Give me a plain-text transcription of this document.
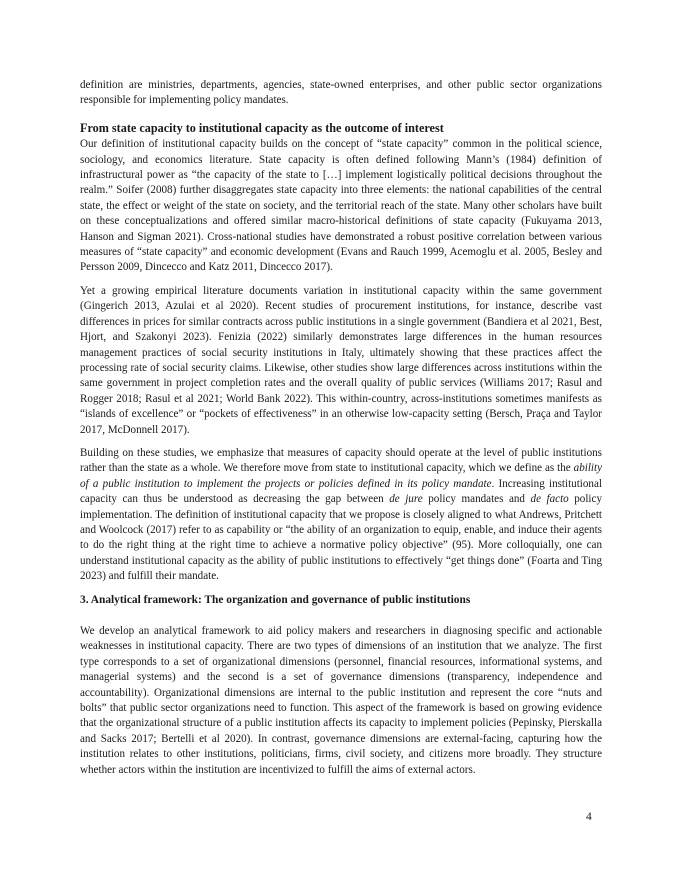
definition are ministries, departments, agencies, state-owned enterprises, and other public sector organizations responsible for implementing policy mandates.

From state capacity to institutional capacity as the outcome of interest

Our definition of institutional capacity builds on the concept of “state capacity” common in the political science, sociology, and economics literature. State capacity is often defined following Mann’s (1984) definition of infrastructural power as “the capacity of the state to […] implement logistically political decisions throughout the realm.” Soifer (2008) further disaggregates state capacity into three elements: the national capabilities of the central state, the effect or weight of the state on society, and the territorial reach of the state. Many other scholars have built on these conceptualizations and offered similar macro-historical definitions of state capacity (Fukuyama 2013, Hanson and Sigman 2021). Cross-national studies have demonstrated a robust positive correlation between various measures of “state capacity” and economic development (Evans and Rauch 1999, Acemoglu et al. 2005, Besley and Persson 2009, Dincecco and Katz 2011, Dincecco 2017).

Yet a growing empirical literature documents variation in institutional capacity within the same government (Gingerich 2013, Azulai et al 2020). Recent studies of procurement institutions, for instance, describe vast differences in prices for similar contracts across public institutions in a single government (Bandiera et al 2021, Best, Hjort, and Szakonyi 2023). Fenizia (2022) similarly demonstrates large differences in the human resources management practices of social security institutions in Italy, ultimately showing that these practices affect the processing rate of social security claims. Likewise, other studies show large differences across institutions within the same government in project completion rates and the overall quality of public services (Williams 2017; Rasul and Rogger 2018; Rasul et al 2021; World Bank 2022). This within-country, across-institutions sometimes manifests as “islands of excellence” or “pockets of effectiveness” in an otherwise low-capacity setting (Bersch, Praça and Taylor 2017, McDonnell 2017).

Building on these studies, we emphasize that measures of capacity should operate at the level of public institutions rather than the state as a whole. We therefore move from state to institutional capacity, which we define as the ability of a public institution to implement the projects or policies defined in its policy mandate. Increasing institutional capacity can thus be understood as decreasing the gap between de jure policy mandates and de facto policy implementation. The definition of institutional capacity that we propose is closely aligned to what Andrews, Pritchett and Woolcock (2017) refer to as capability or “the ability of an organization to equip, enable, and induce their agents to do the right thing at the right time to achieve a normative policy objective” (95). More colloquially, one can understand institutional capacity as the ability of public institutions to effectively “get things done” (Foarta and Ting 2023) and fulfill their mandate.

3. Analytical framework: The organization and governance of public institutions

We develop an analytical framework to aid policy makers and researchers in diagnosing specific and actionable weaknesses in institutional capacity. There are two types of dimensions of an institution that we analyze. The first type corresponds to a set of organizational dimensions (personnel, financial resources, informational systems, and managerial systems) and the second is a set of governance dimensions (transparency, independence and accountability). Organizational dimensions are internal to the public institution and represent the core “nuts and bolts” that public sector organizations need to function. This aspect of the framework is based on growing evidence that the organizational structure of a public institution affects its capacity to implement policies (Pepinsky, Pierskalla and Sacks 2017; Bertelli et al 2020). In contrast, governance dimensions are external-facing, capturing how the institution relates to other institutions, politicians, firms, civil society, and citizens more broadly. They structure whether actors within the institution are incentivized to fulfill the aims of external actors.

4
